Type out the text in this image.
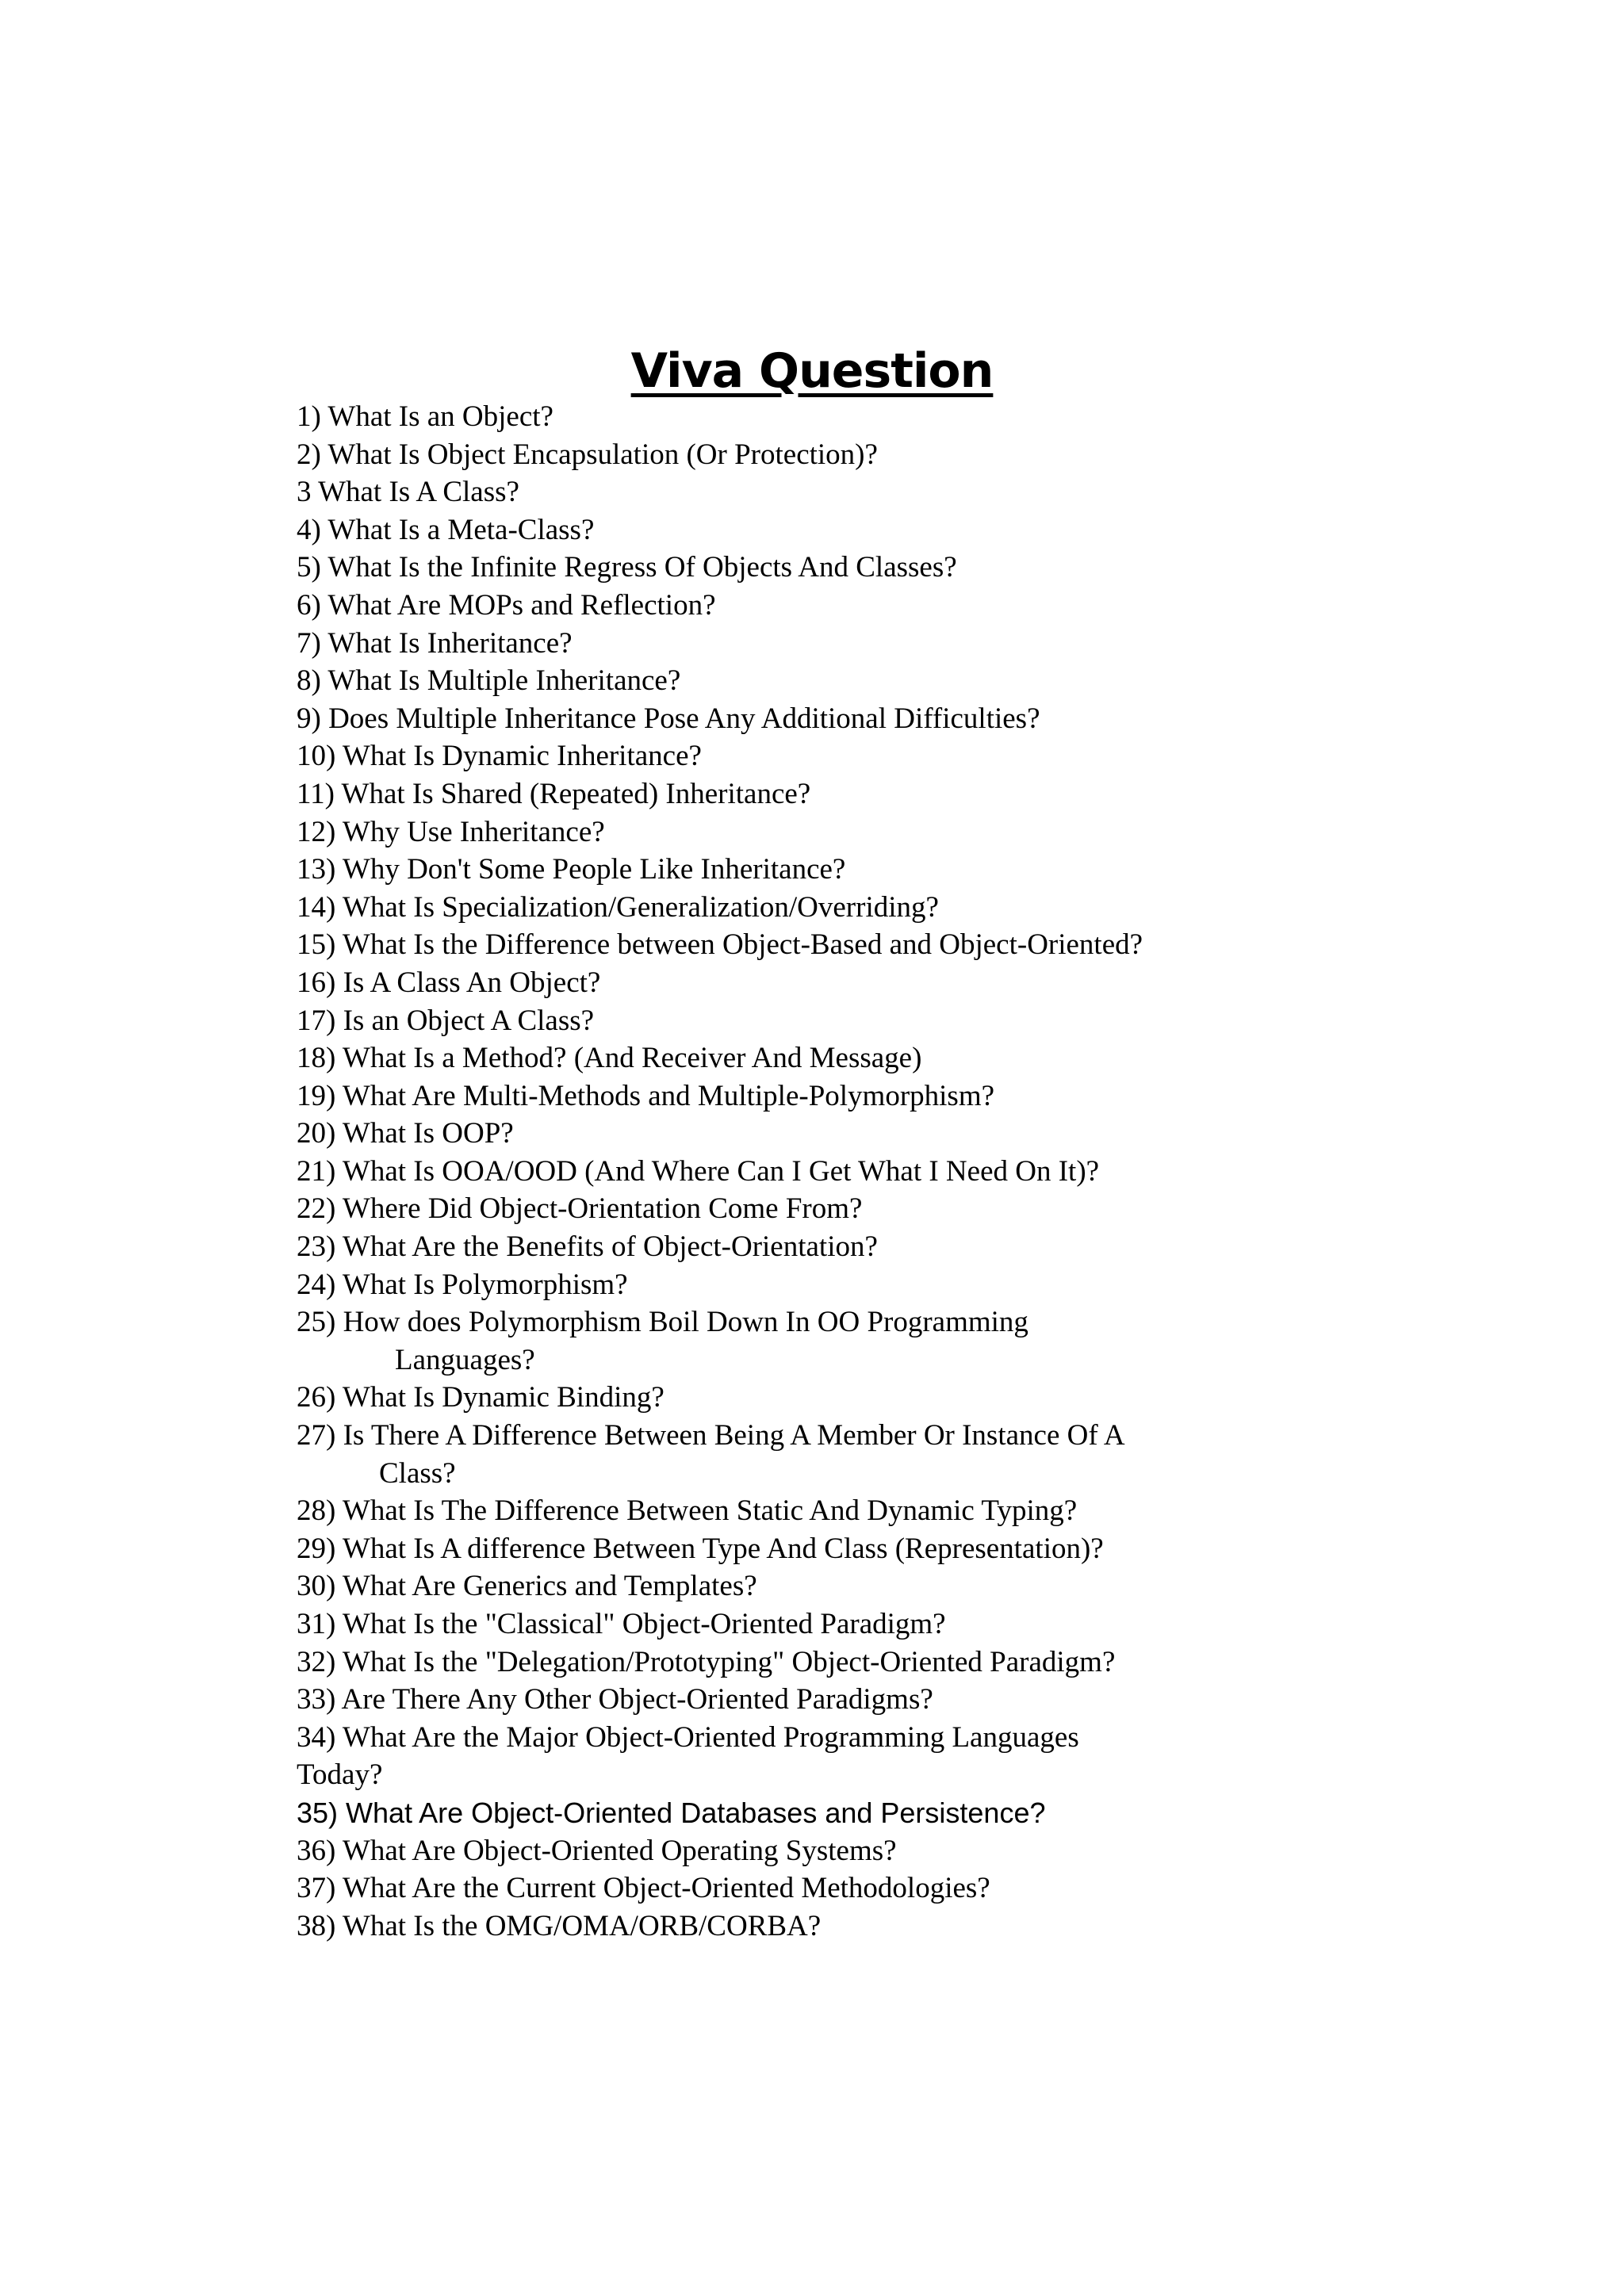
Viva Question
1) What Is an Object?
2) What Is Object Encapsulation (Or Protection)?
3 What Is A Class?
4) What Is a Meta-Class?
5) What Is the Infinite Regress Of Objects And Classes?
6) What Are MOPs and Reflection?
7) What Is Inheritance?
8) What Is Multiple Inheritance?
9) Does Multiple Inheritance Pose Any Additional Difficulties?
10) What Is Dynamic Inheritance?
11) What Is Shared (Repeated) Inheritance?
12) Why Use Inheritance?
13) Why Don't Some People Like Inheritance?
14) What Is Specialization/Generalization/Overriding?
15) What Is the Difference between Object-Based and Object-Oriented?
16) Is A Class An Object?
17) Is an Object A Class?
18) What Is a Method? (And Receiver And Message)
19) What Are Multi-Methods and Multiple-Polymorphism?
20) What Is OOP?
21) What Is OOA/OOD (And Where Can I Get What I Need On It)?
22) Where Did Object-Orientation Come From?
23) What Are the Benefits of Object-Orientation?
24) What Is Polymorphism?
25) How does Polymorphism Boil Down In OO Programming
Languages?
26) What Is Dynamic Binding?
27) Is There A Difference Between Being A Member Or Instance Of A
Class?
28) What Is The Difference Between Static And Dynamic Typing?
29) What Is A difference Between Type And Class (Representation)?
30) What Are Generics and Templates?
31) What Is the "Classical" Object-Oriented Paradigm?
32) What Is the "Delegation/Prototyping" Object-Oriented Paradigm?
33) Are There Any Other Object-Oriented Paradigms?
34) What Are the Major Object-Oriented Programming Languages
Today?
35) What Are Object-Oriented Databases and Persistence?
36) What Are Object-Oriented Operating Systems?
37) What Are the Current Object-Oriented Methodologies?
38) What Is the OMG/OMA/ORB/CORBA?
